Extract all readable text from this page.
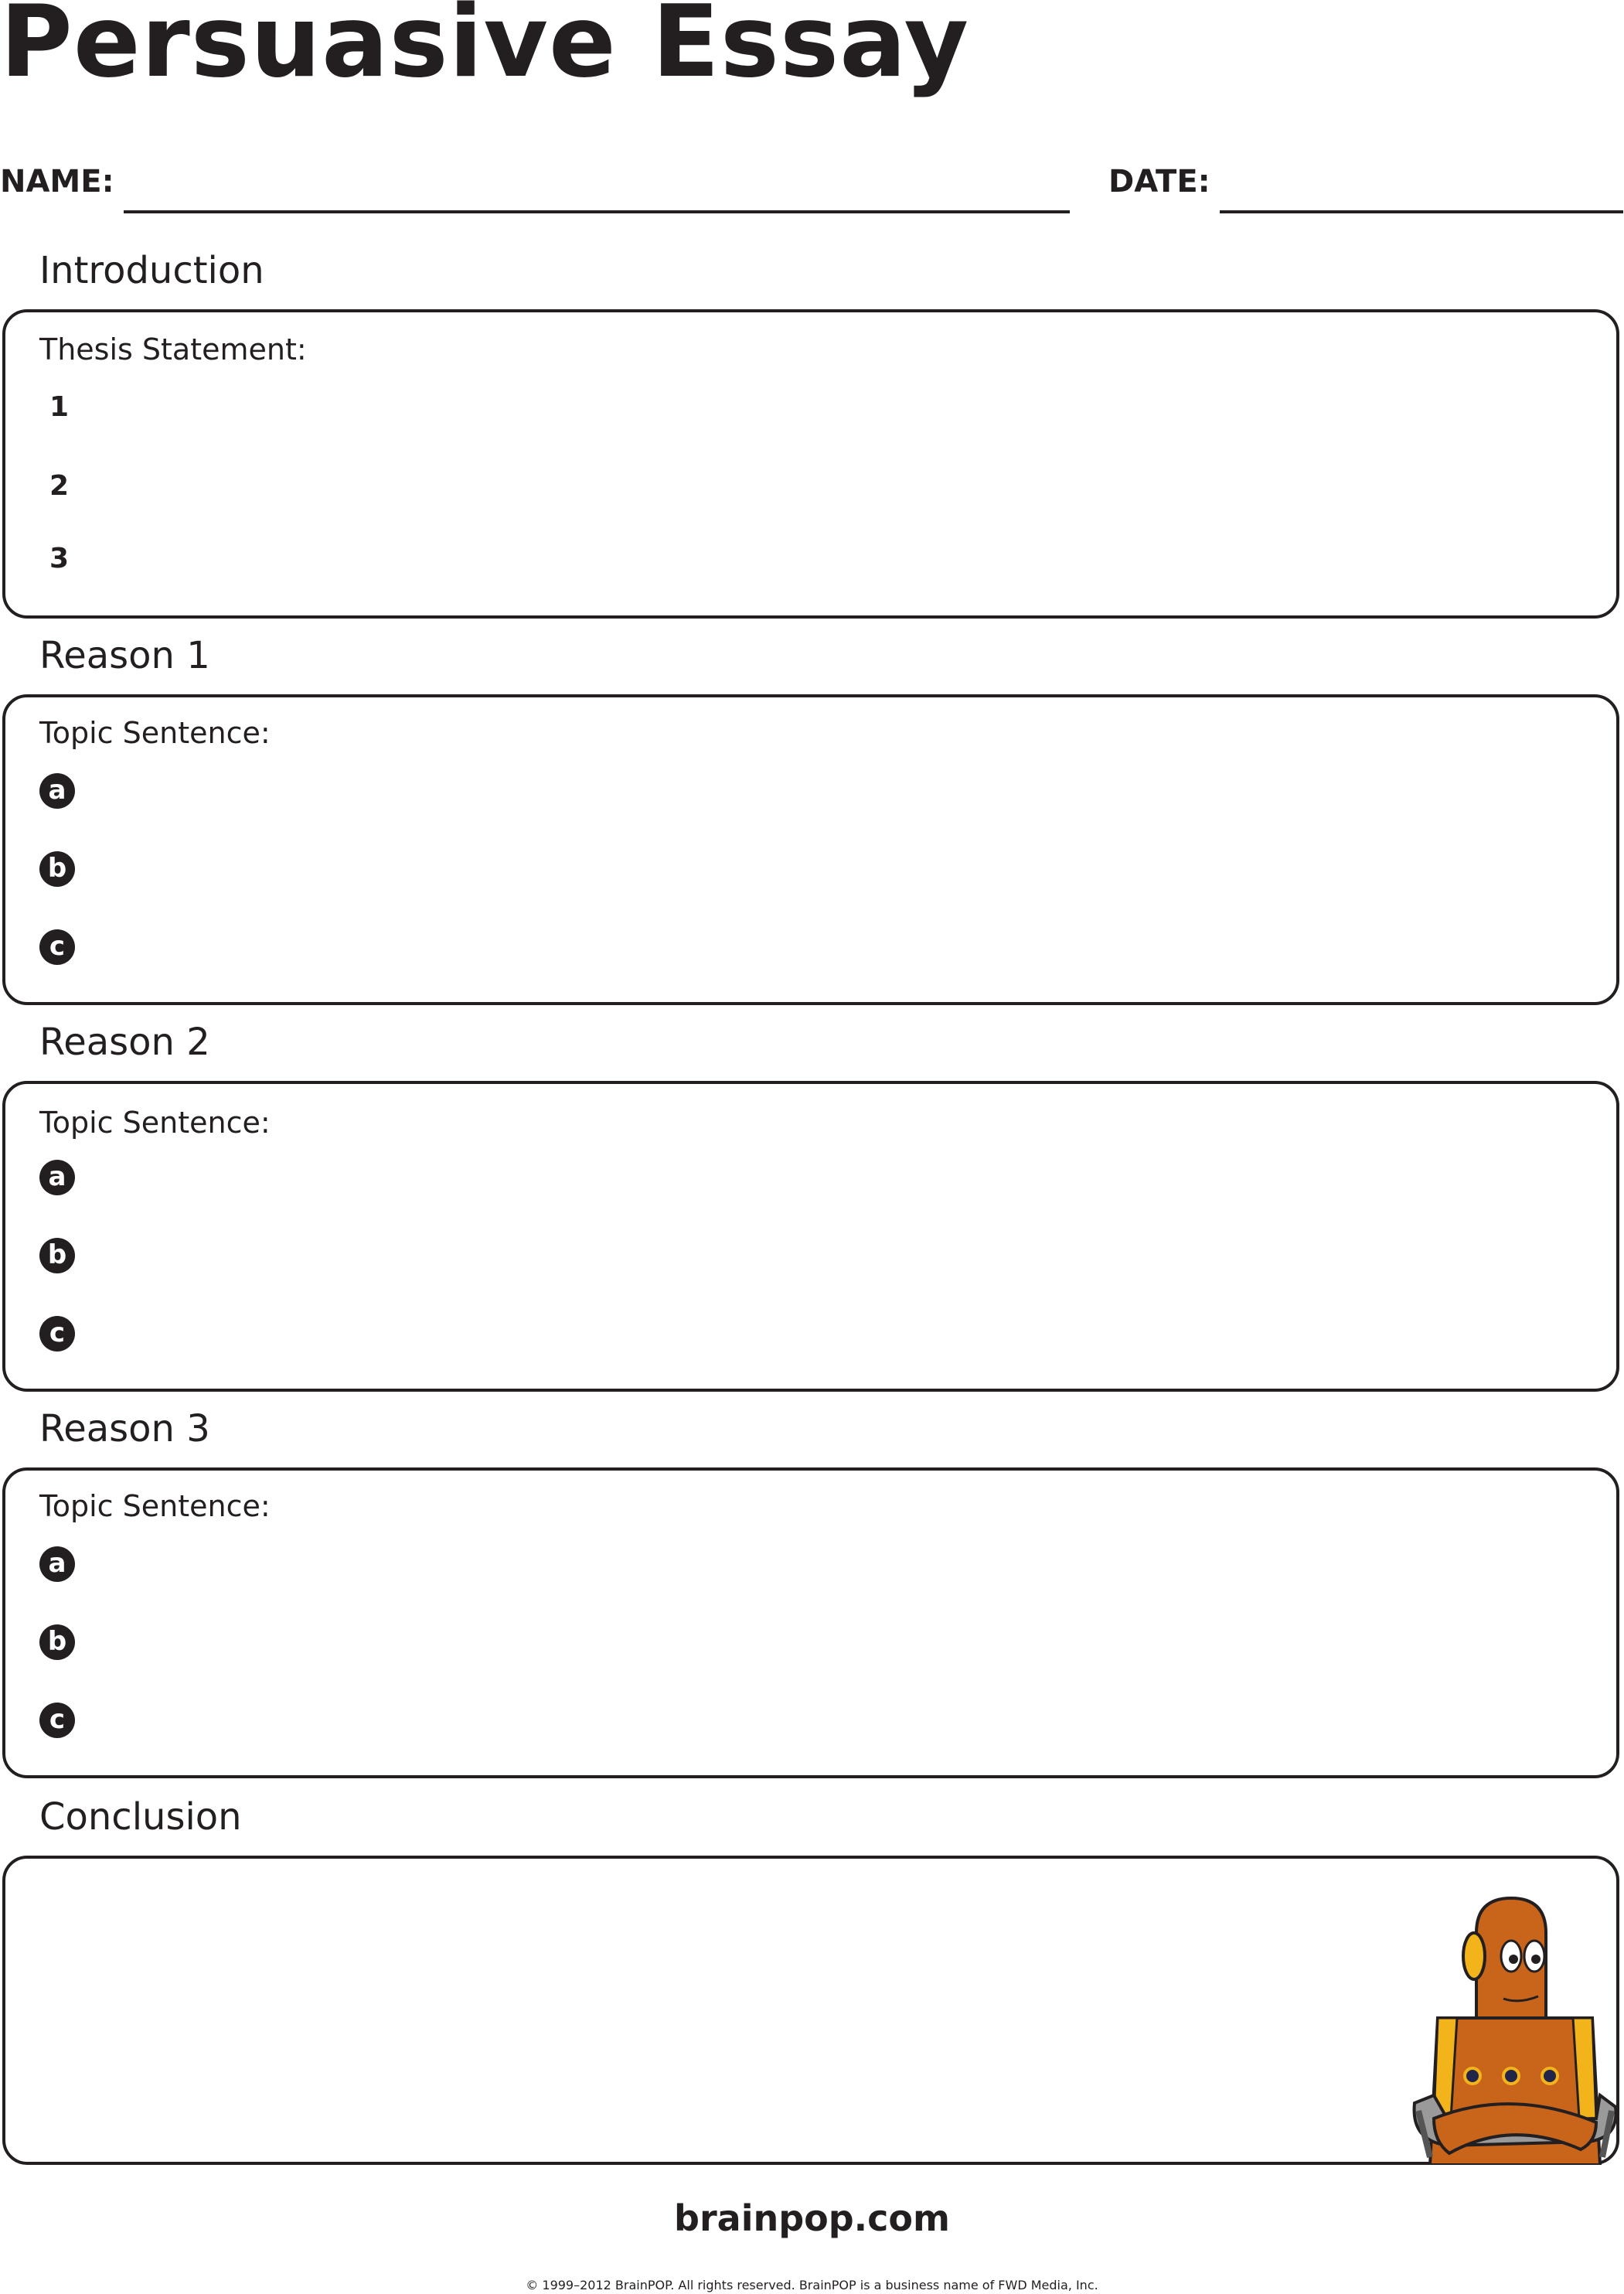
Persuasive Essay
NAME:	DATE:
Introduction
Thesis Statement:
1
2
3
Reason 1
Topic Sentence:
a
b
c
Reason 2
Topic Sentence:
a
b
c
Reason 3
Topic Sentence:
a
b
c
Conclusion
brainpop.com
© 1999–2012 BrainPOP. All rights reserved. BrainPOP is a business name of FWD Media, Inc.
